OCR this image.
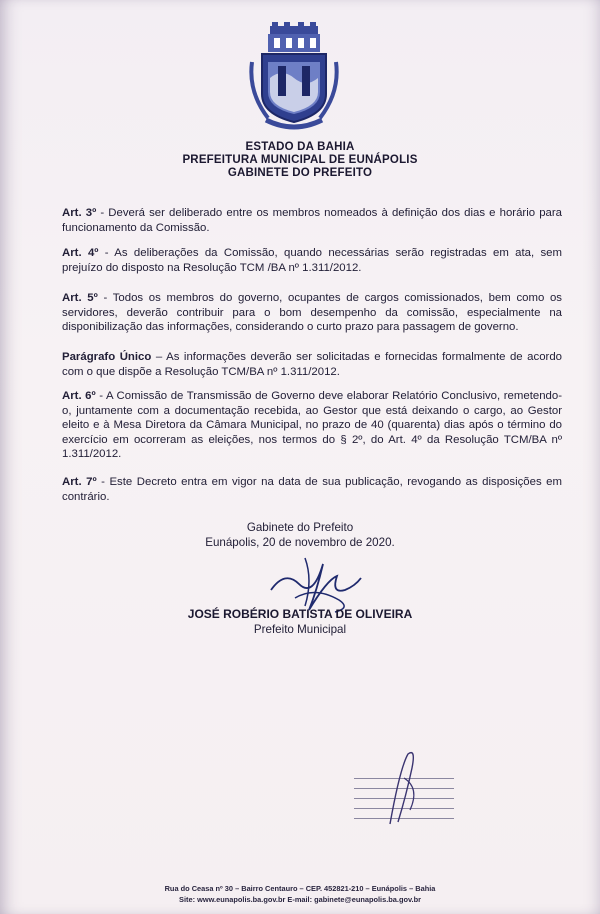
ESTADO DA BAHIA
PREFEITURA MUNICIPAL DE EUNÁPOLIS
GABINETE DO PREFEITO
Art. 3º - Deverá ser deliberado entre os membros nomeados à definição dos dias e horário para funcionamento da Comissão.
Art. 4º - As deliberações da Comissão, quando necessárias serão registradas em ata, sem prejuízo do disposto na Resolução TCM /BA nº 1.311/2012.
Art. 5º - Todos os membros do governo, ocupantes de cargos comissionados, bem como os servidores, deverão contribuir para o bom desempenho da comissão, especialmente na disponibilização das informações, considerando o curto prazo para passagem de governo.
Parágrafo Único – As informações deverão ser solicitadas e fornecidas formalmente de acordo com o que dispõe a Resolução TCM/BA nº 1.311/2012.
Art. 6º - A Comissão de Transmissão de Governo deve elaborar Relatório Conclusivo, remetendo-o, juntamente com a documentação recebida, ao Gestor que está deixando o cargo, ao Gestor eleito e à Mesa Diretora da Câmara Municipal, no prazo de 40 (quarenta) dias após o término do exercício em ocorreram as eleições, nos termos do § 2º, do Art. 4º da Resolução TCM/BA nº 1.311/2012.
Art. 7º - Este Decreto entra em vigor na data de sua publicação, revogando as disposições em contrário.
Gabinete do Prefeito
Eunápolis, 20 de novembro de 2020.
JOSÉ ROBÉRIO BATISTA DE OLIVEIRA
Prefeito Municipal
Rua do Ceasa nº 30 – Bairro Centauro – CEP. 452821-210 – Eunápolis – Bahia
Site: www.eunapolis.ba.gov.br E-mail: gabinete@eunapolis.ba.gov.br
